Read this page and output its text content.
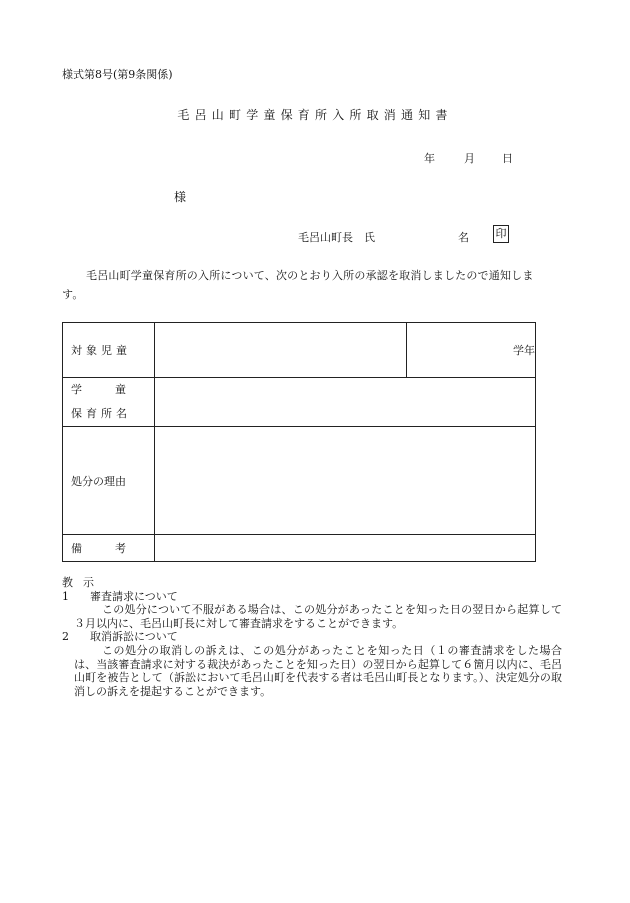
様式第8号(第9条関係)
毛呂山町学童保育所入所取消通知書
年	月 日
様
毛呂山町長　氏	名 印
毛呂山町学童保育所の入所について、次のとおり入所の承認を取消しましたので通知します。
対象児童		学年

学　　　童
保育所名		

処分の理由		
備　　　考		
教示
1 審査請求について
この処分について不服がある場合は、この処分があったことを知った日の翌日から起算して３月以内に、毛呂山町長に対して審査請求をすることができます。
2 取消訴訟について
この処分の取消しの訴えは、この処分があったことを知った日（１の審査請求をした場合は、当該審査請求に対する裁決があったことを知った日）の翌日から起算して６箇月以内に、毛呂山町を被告として（訴訟において毛呂山町を代表する者は毛呂山町長となります。）、決定処分の取消しの訴えを提起することができます。
